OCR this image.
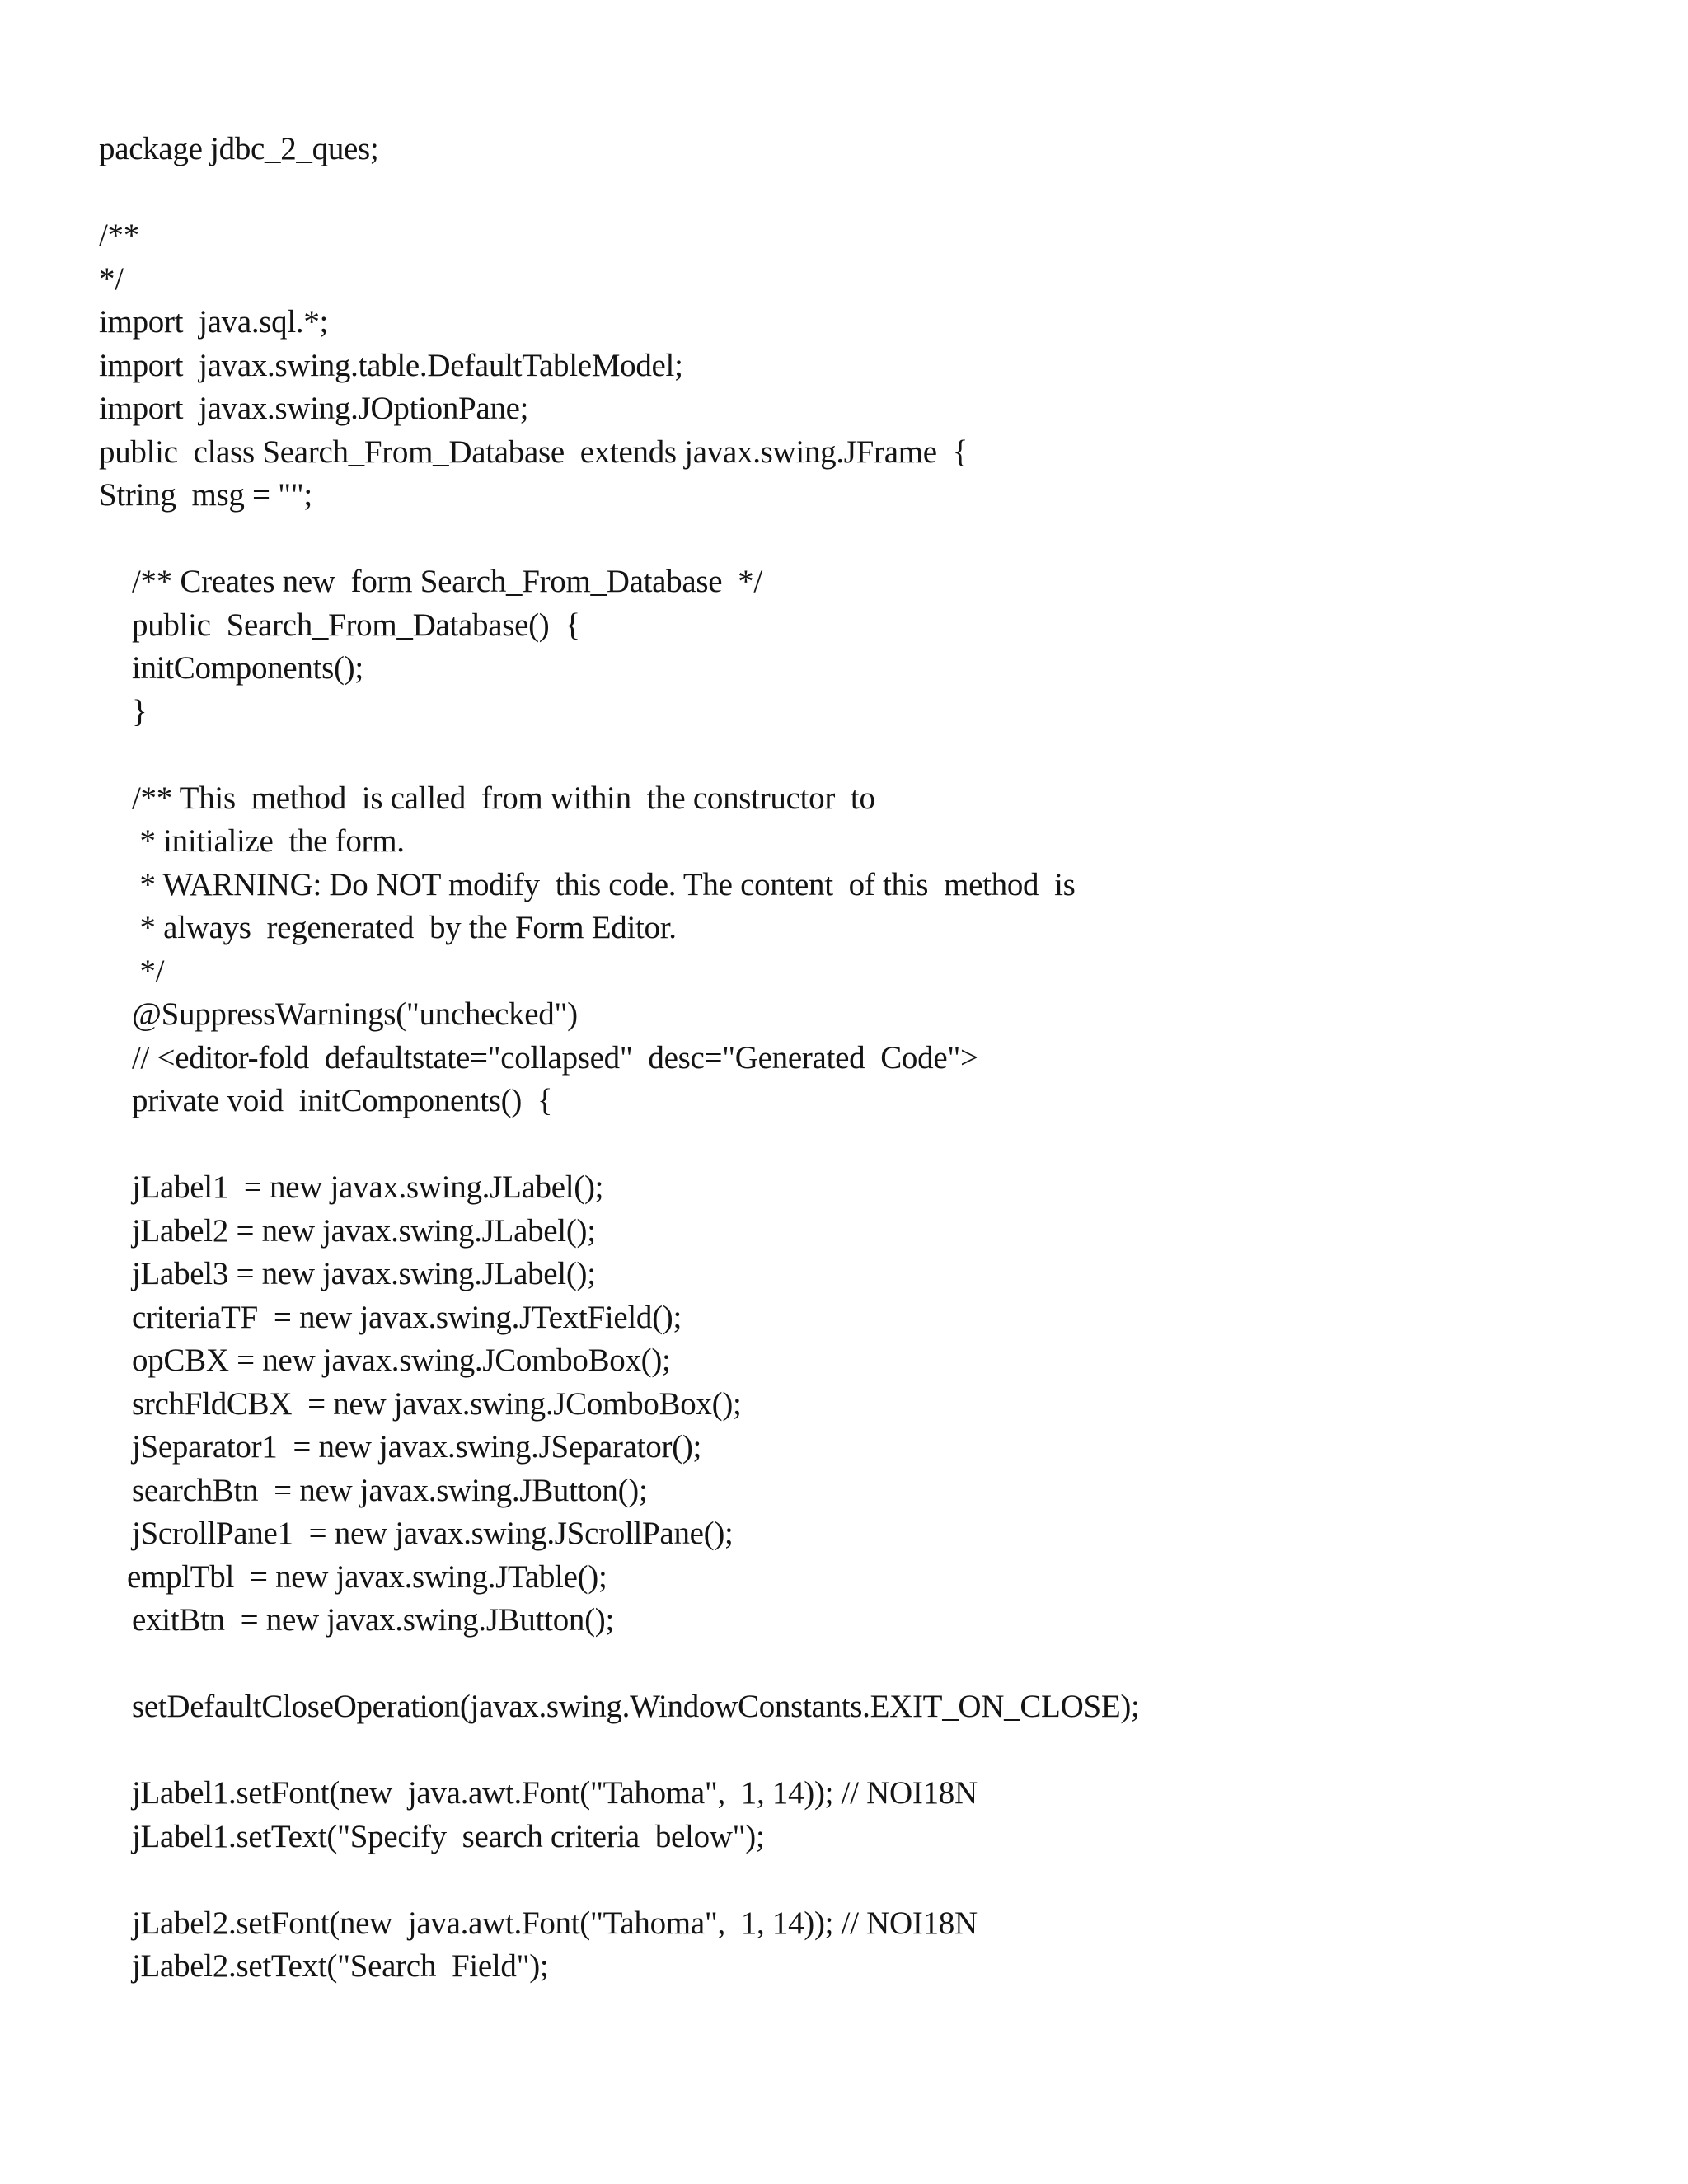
package jdbc_2_ques;
/**
*/
import  java.sql.*;
import  javax.swing.table.DefaultTableModel;
import  javax.swing.JOptionPane;
public  class Search_From_Database  extends javax.swing.JFrame  {
String  msg = "";
/** Creates new  form Search_From_Database  */
public  Search_From_Database()  {
initComponents();
}
/** This  method  is called  from within  the constructor  to
* initialize  the form.
* WARNING: Do NOT modify  this code. The content  of this  method  is
* always  regenerated  by the Form Editor.
*/
@SuppressWarnings("unchecked")
// <editor-fold  defaultstate="collapsed"  desc="Generated  Code">
private void  initComponents()  {
jLabel1  = new javax.swing.JLabel();
jLabel2 = new javax.swing.JLabel();
jLabel3 = new javax.swing.JLabel();
criteriaTF  = new javax.swing.JTextField();
opCBX = new javax.swing.JComboBox();
srchFldCBX  = new javax.swing.JComboBox();
jSeparator1  = new javax.swing.JSeparator();
searchBtn  = new javax.swing.JButton();
jScrollPane1  = new javax.swing.JScrollPane();
emplTbl  = new javax.swing.JTable();
exitBtn  = new javax.swing.JButton();
setDefaultCloseOperation(javax.swing.WindowConstants.EXIT_ON_CLOSE);
jLabel1.setFont(new  java.awt.Font("Tahoma",  1, 14)); // NOI18N
jLabel1.setText("Specify  search criteria  below");
jLabel2.setFont(new  java.awt.Font("Tahoma",  1, 14)); // NOI18N
jLabel2.setText("Search  Field");
